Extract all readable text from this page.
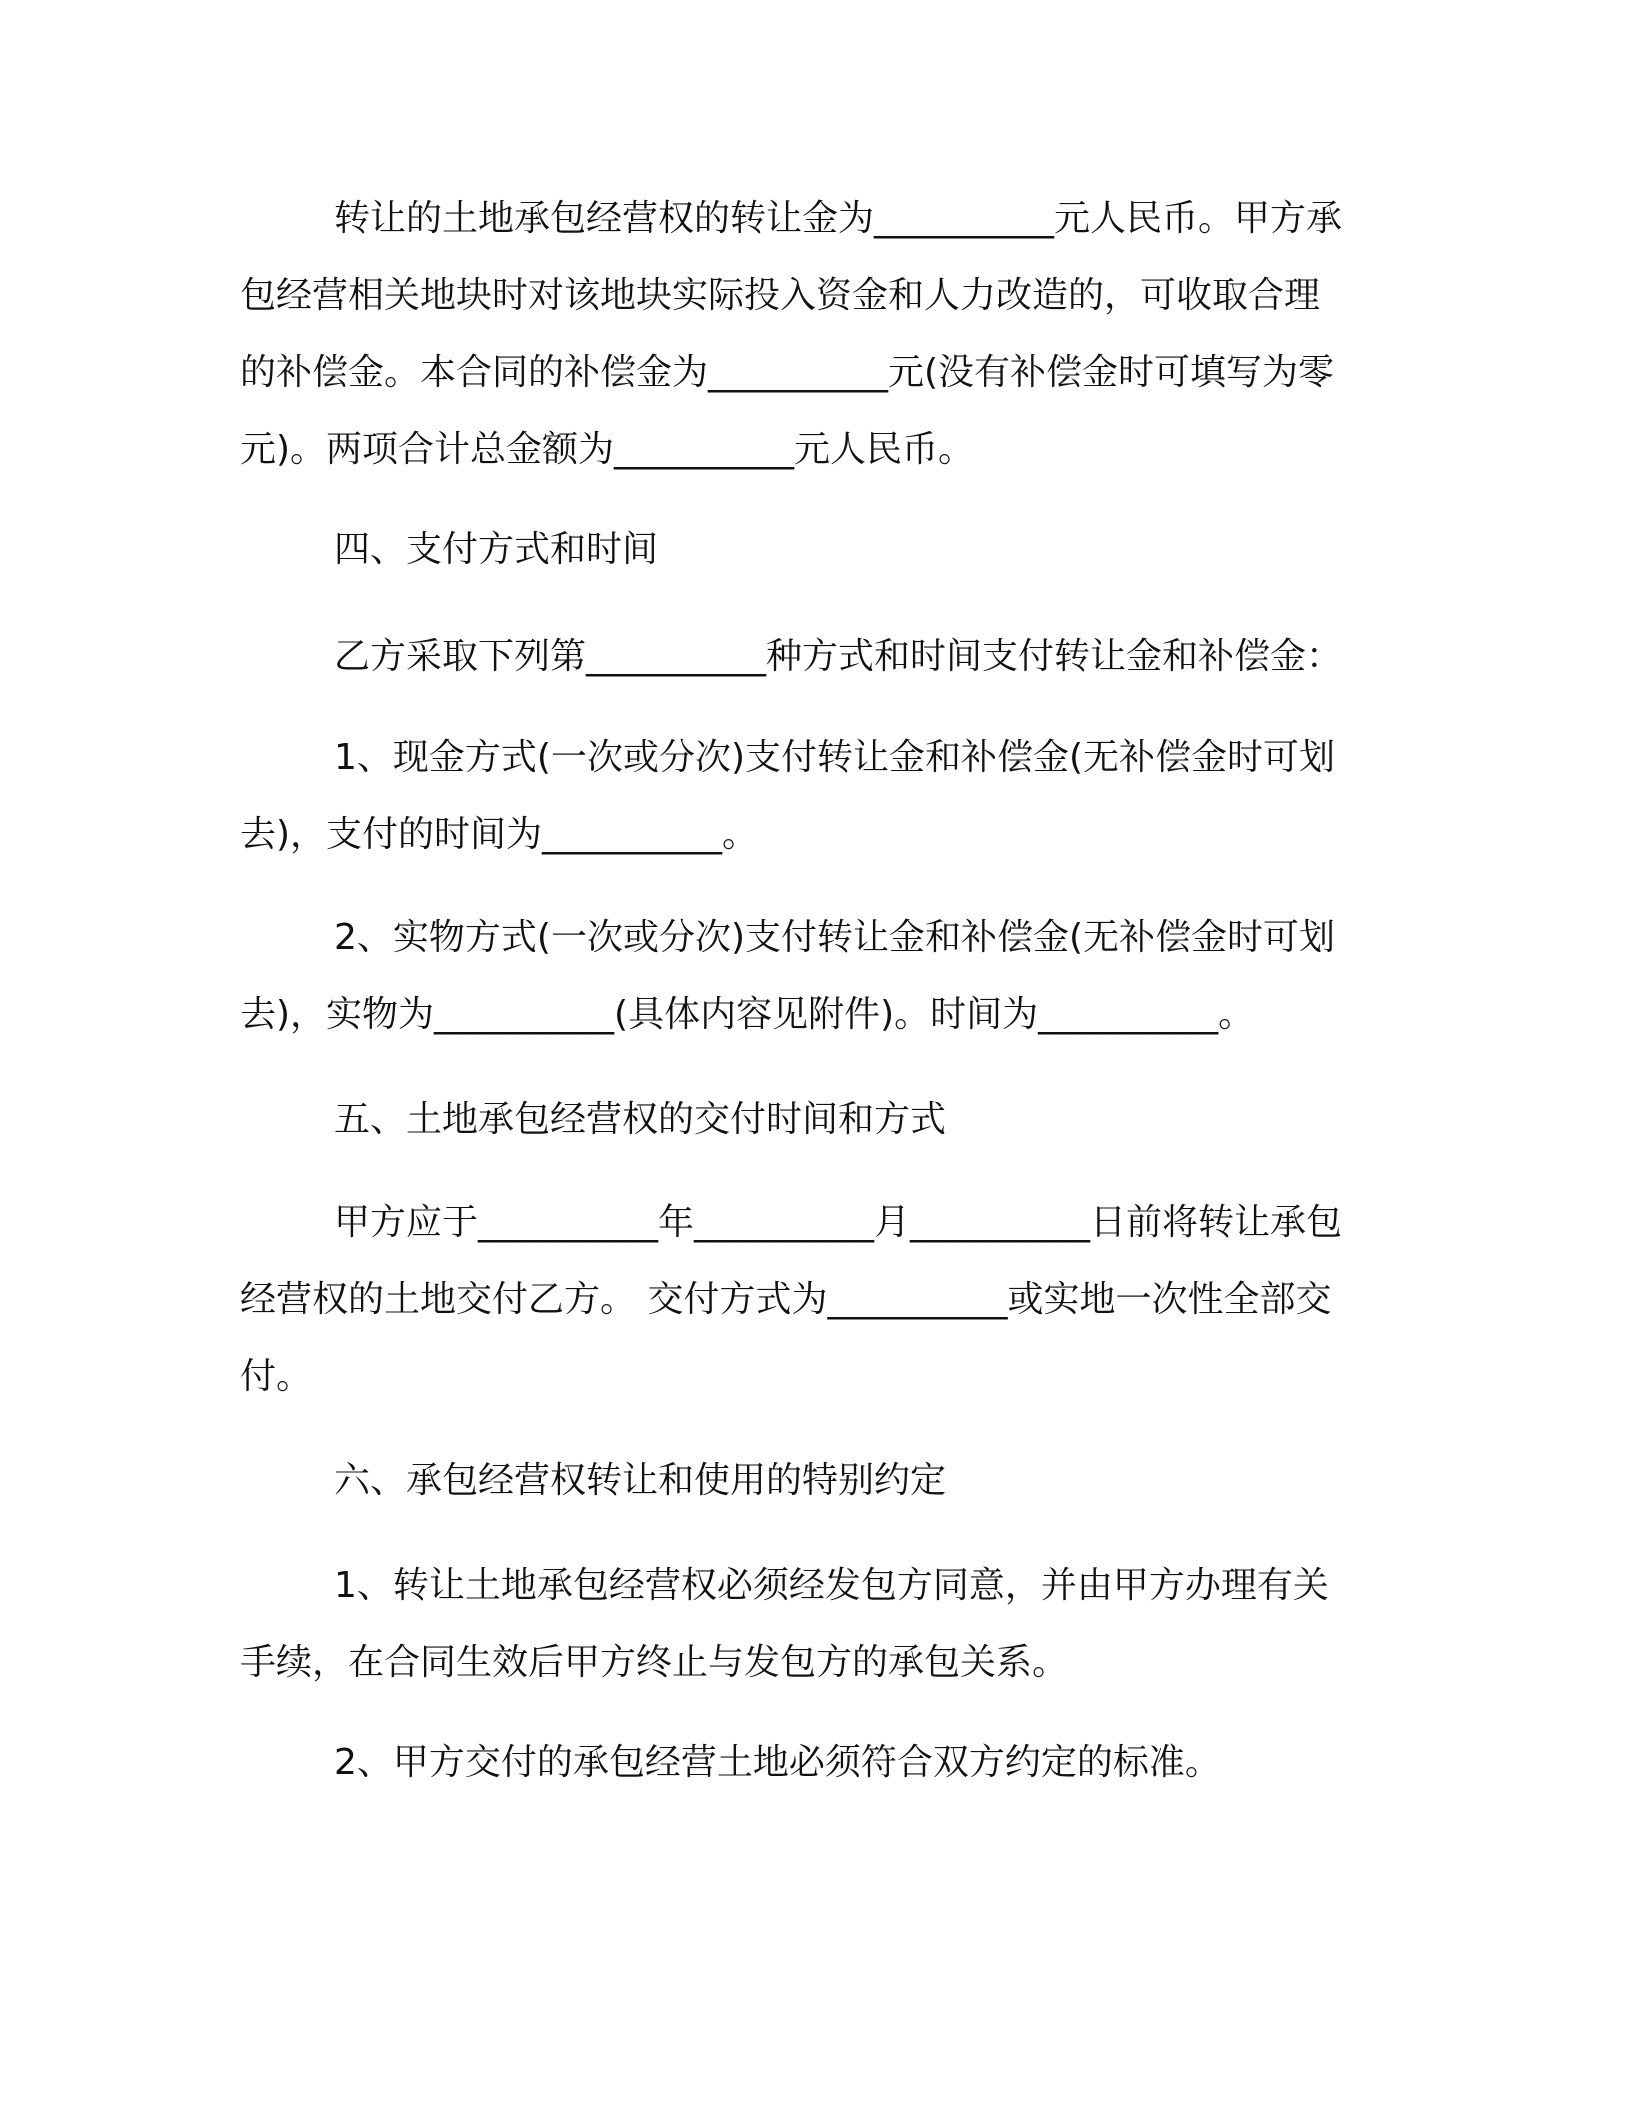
转让的土地承包经营权的转让金为__________元人民币。甲方承
包经营相关地块时对该地块实际投入资金和人力改造的，可收取合理
的补偿金。本合同的补偿金为__________元(没有补偿金时可填写为零
元)。两项合计总金额为__________元人民币。
四、支付方式和时间
乙方采取下列第__________种方式和时间支付转让金和补偿金：
1、现金方式(一次或分次)支付转让金和补偿金(无补偿金时可划
去)，支付的时间为__________。
2、实物方式(一次或分次)支付转让金和补偿金(无补偿金时可划
去)，实物为__________(具体内容见附件)。时间为__________。
五、土地承包经营权的交付时间和方式
甲方应于__________年__________月__________日前将转让承包
经营权的土地交付乙方。 交付方式为__________或实地一次性全部交
付。
六、承包经营权转让和使用的特别约定
1、转让土地承包经营权必须经发包方同意，并由甲方办理有关
手续，在合同生效后甲方终止与发包方的承包关系。
2、甲方交付的承包经营土地必须符合双方约定的标准。
